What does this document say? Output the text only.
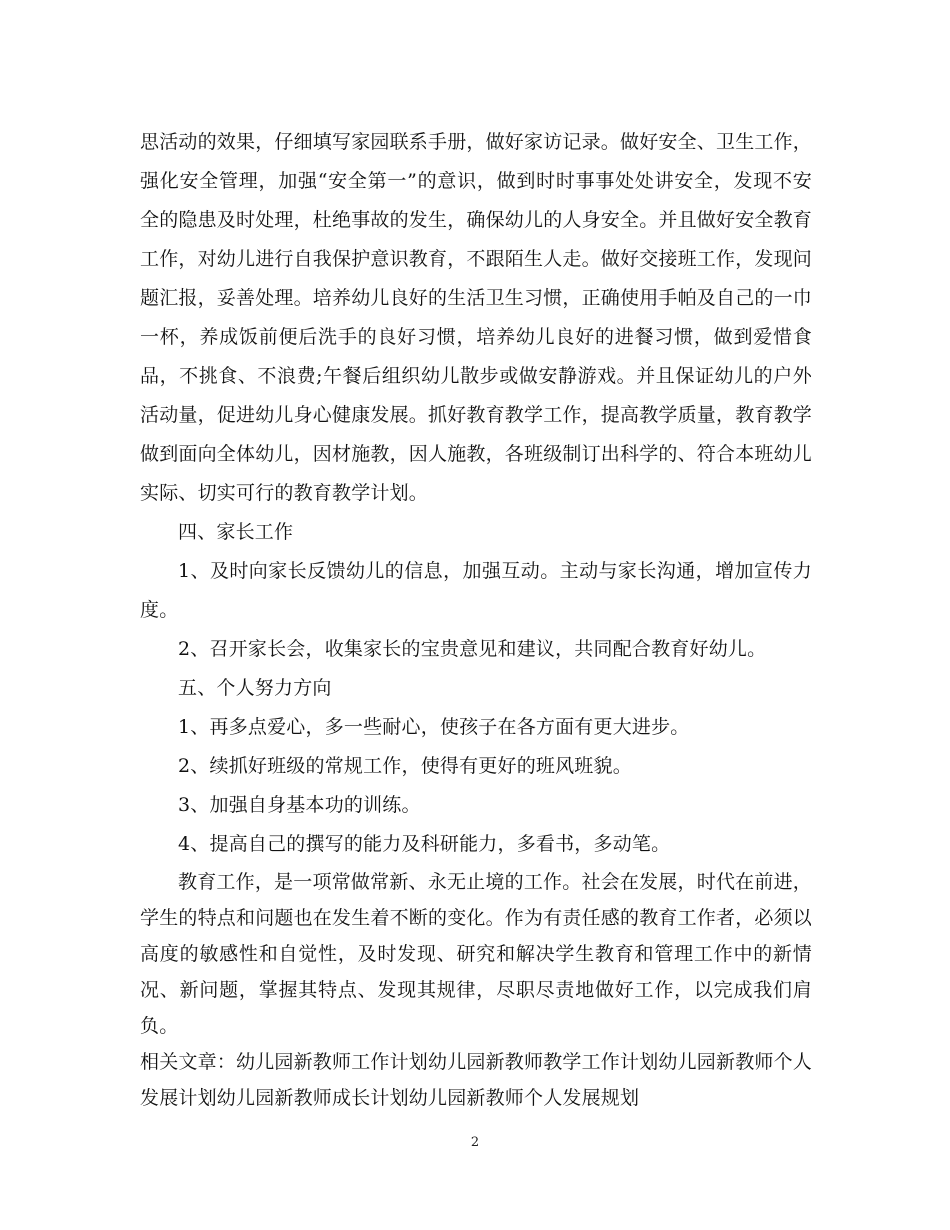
思活动的效果，仔细填写家园联系手册，做好家访记录。做好安全、卫生工作，强化安全管理，加强“安全第一”的意识，做到时时事事处处讲安全，发现不安全的隐患及时处理，杜绝事故的发生，确保幼儿的人身安全。并且做好安全教育工作，对幼儿进行自我保护意识教育，不跟陌生人走。做好交接班工作，发现问题汇报，妥善处理。培养幼儿良好的生活卫生习惯，正确使用手帕及自己的一巾一杯，养成饭前便后洗手的良好习惯，培养幼儿良好的进餐习惯，做到爱惜食品，不挑食、不浪费;午餐后组织幼儿散步或做安静游戏。并且保证幼儿的户外活动量，促进幼儿身心健康发展。抓好教育教学工作，提高教学质量，教育教学做到面向全体幼儿，因材施教，因人施教，各班级制订出科学的、符合本班幼儿实际、切实可行的教育教学计划。

四、家长工作

1、及时向家长反馈幼儿的信息，加强互动。主动与家长沟通，增加宣传力度。

2、召开家长会，收集家长的宝贵意见和建议，共同配合教育好幼儿。

五、个人努力方向

1、再多点爱心，多一些耐心，使孩子在各方面有更大进步。

2、续抓好班级的常规工作，使得有更好的班风班貌。

3、加强自身基本功的训练。

4、提高自己的撰写的能力及科研能力，多看书，多动笔。

教育工作，是一项常做常新、永无止境的工作。社会在发展，时代在前进，学生的特点和问题也在发生着不断的变化。作为有责任感的教育工作者，必须以高度的敏感性和自觉性，及时发现、研究和解决学生教育和管理工作中的新情况、新问题，掌握其特点、发现其规律，尽职尽责地做好工作，以完成我们肩负。

相关文章：幼儿园新教师工作计划幼儿园新教师教学工作计划幼儿园新教师个人发展计划幼儿园新教师成长计划幼儿园新教师个人发展规划

2
